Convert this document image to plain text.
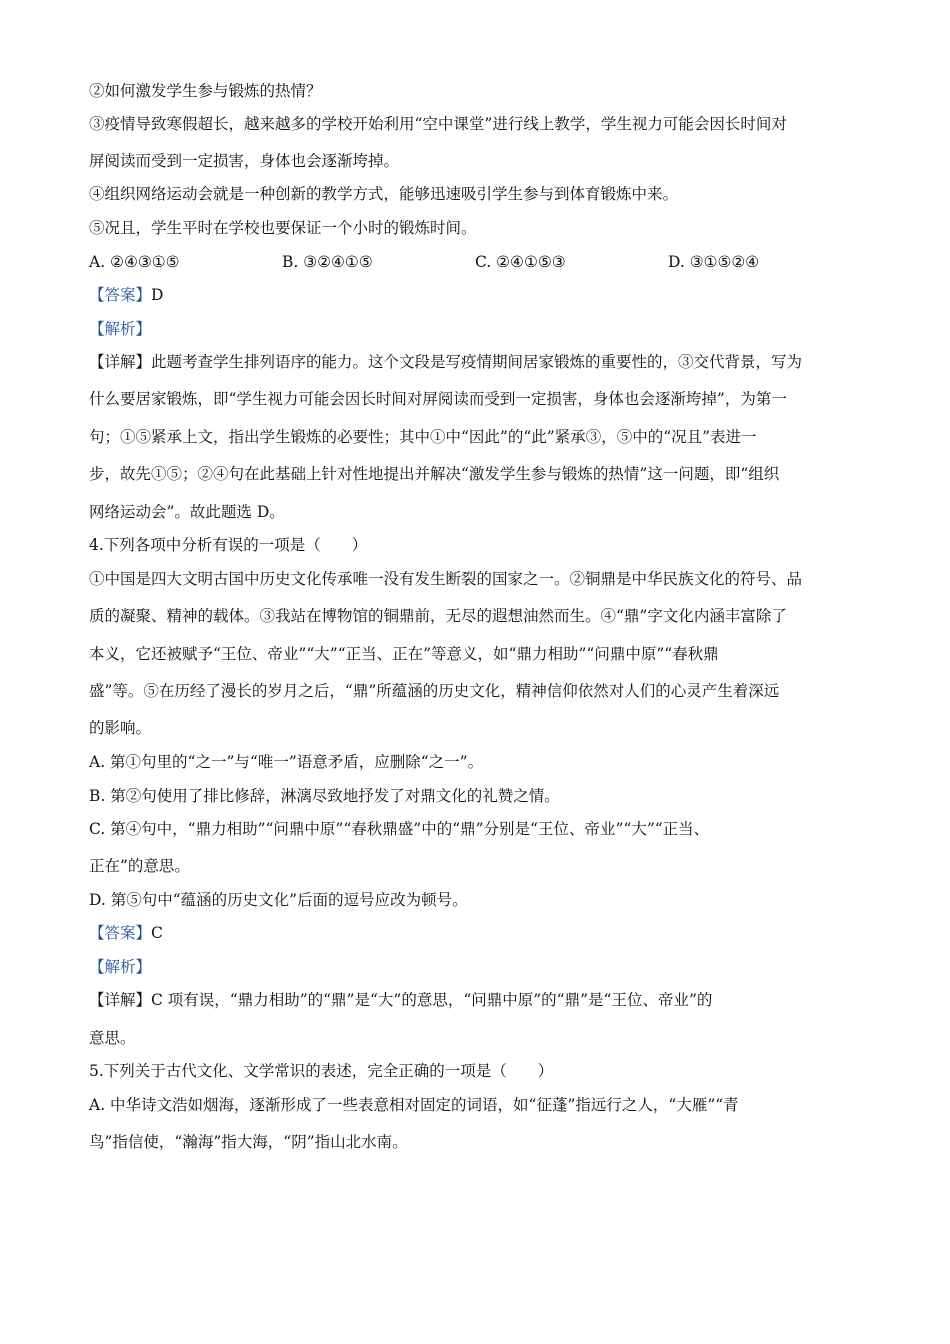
②如何激发学生参与锻炼的热情？
③疫情导致寒假超长，越来越多的学校开始利用“空中课堂”进行线上教学，学生视力可能会因长时间对
屏阅读而受到一定损害，身体也会逐渐垮掉。
④组织网络运动会就是一种创新的教学方式，能够迅速吸引学生参与到体育锻炼中来。
⑤况且，学生平时在学校也要保证一个小时的锻炼时间。
A. ②④③①⑤	B. ③②④①⑤	C. ②④①⑤③	D. ③①⑤②④
【答案】D
【解析】
【详解】此题考查学生排列语序的能力。这个文段是写疫情期间居家锻炼的重要性的，③交代背景，写为
什么要居家锻炼，即“学生视力可能会因长时间对屏阅读而受到一定损害，身体也会逐渐垮掉”，为第一
句；①⑤紧承上文，指出学生锻炼的必要性；其中①中“因此”的“此”紧承③，⑤中的“况且”表进一
步，故先①⑤；②④句在此基础上针对性地提出并解决“激发学生参与锻炼的热情”这一问题，即“组织
网络运动会”。故此题选 D。
4.下列各项中分析有误的一项是（　　）
①中国是四大文明古国中历史文化传承唯一没有发生断裂的国家之一。②铜鼎是中华民族文化的符号、品
质的凝聚、精神的载体。③我站在博物馆的铜鼎前，无尽的遐想油然而生。④“鼎”字文化内涵丰富除了
本义，它还被赋予“王位、帝业”“大”“正当、正在”等意义，如“鼎力相助”“问鼎中原”“春秋鼎
盛”等。⑤在历经了漫长的岁月之后，“鼎”所蕴涵的历史文化，精神信仰依然对人们的心灵产生着深远
的影响。
A. 第①句里的“之一”与“唯一”语意矛盾，应删除“之一”。
B. 第②句使用了排比修辞，淋漓尽致地抒发了对鼎文化的礼赞之情。
C. 第④句中，“鼎力相助”“问鼎中原”“春秋鼎盛”中的“鼎”分别是“王位、帝业”“大”“正当、
正在”的意思。
D. 第⑤句中“蕴涵的历史文化”后面的逗号应改为顿号。
【答案】C
【解析】
【详解】C 项有误，“鼎力相助”的“鼎”是“大”的意思，“问鼎中原”的“鼎”是“王位、帝业”的
意思。
5.下列关于古代文化、文学常识的表述，完全正确的一项是（　　）
A. 中华诗文浩如烟海，逐渐形成了一些表意相对固定的词语，如“征蓬”指远行之人，“大雁”“青
鸟”指信使，“瀚海”指大海，“阴”指山北水南。
